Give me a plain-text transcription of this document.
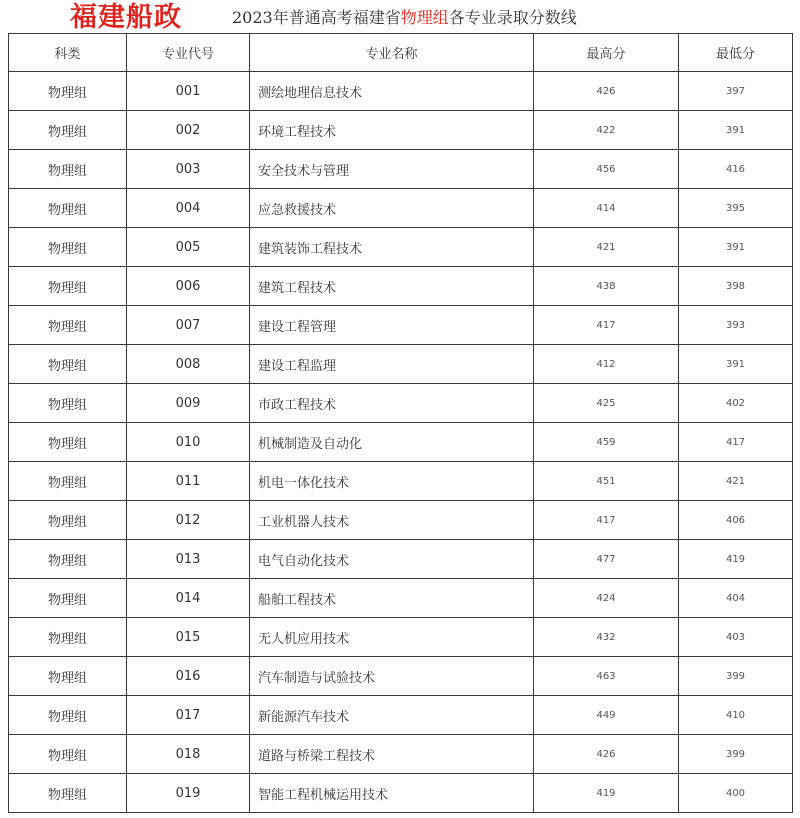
福建船政	2023年普通高考福建省物理组各专业录取分数线
科类	专业代号	专业名称	最高分	最低分
物理组	001	测绘地理信息技术	426	397
物理组	002	环境工程技术	422	391
物理组	003	安全技术与管理	456	416
物理组	004	应急救援技术	414	395
物理组	005	建筑装饰工程技术	421	391
物理组	006	建筑工程技术	438	398
物理组	007	建设工程管理	417	393
物理组	008	建设工程监理	412	391
物理组	009	市政工程技术	425	402
物理组	010	机械制造及自动化	459	417
物理组	011	机电一体化技术	451	421
物理组	012	工业机器人技术	417	406
物理组	013	电气自动化技术	477	419
物理组	014	船舶工程技术	424	404
物理组	015	无人机应用技术	432	403
物理组	016	汽车制造与试验技术	463	399
物理组	017	新能源汽车技术	449	410
物理组	018	道路与桥梁工程技术	426	399
物理组	019	智能工程机械运用技术	419	400
